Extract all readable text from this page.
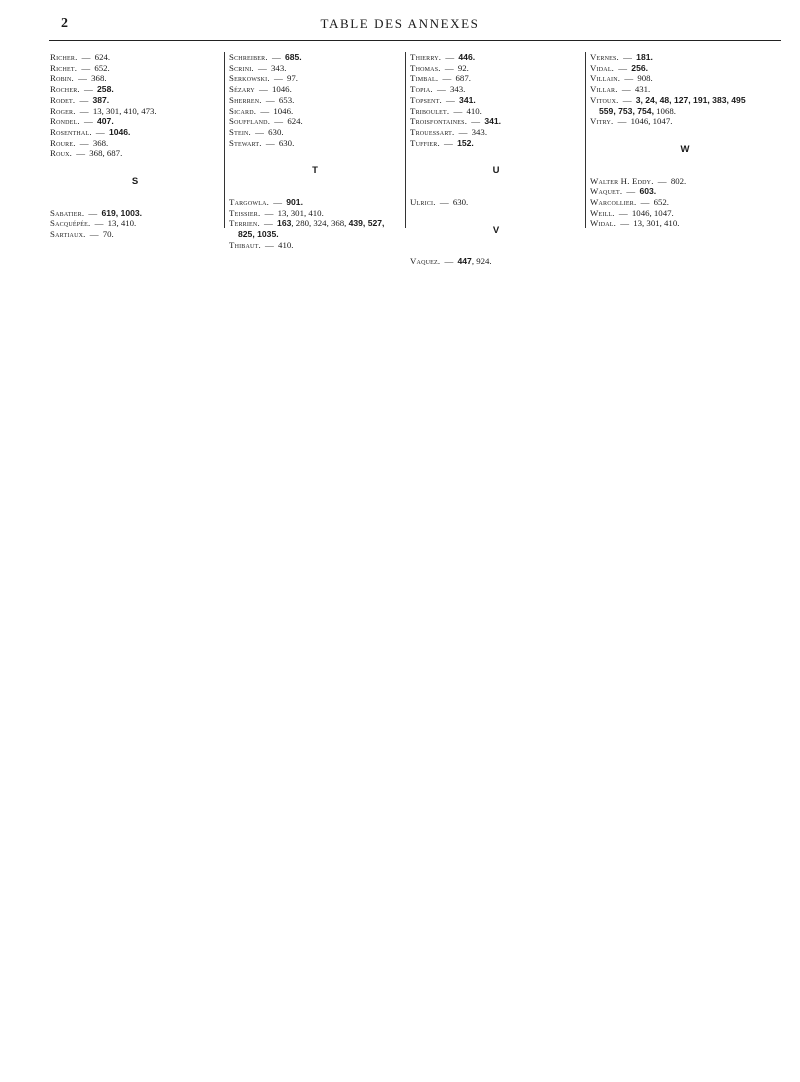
2	TABLE DES ANNEXES
Richer. — 624.
Richet. — 652.
Robin. — 368.
Rocher. — 258.
Rodet. — 387.
Roger. — 13, 301, 410, 473.
Rondel. — 407.
Rosenthal. — 1046.
Roure. — 368.
Roux. — 368, 687.
S
Sabatier. — 619, 1003.
Sacquépée. — 13, 410.
Sartiaux. — 70.
Schreiber. — 685.
Scrini. — 343.
Serkowski. — 97.
Sézary — 1046.
Sherren. — 653.
Sicard. — 1046.
Souffland. — 624.
Stein. — 630.
Stewart. — 630.
T
Targowla. — 901.
Teissier. — 13, 301, 410.
Terrien. — 163, 280, 324, 368, 439, 527,
825, 1035.
Thibaut. — 410.
Thierry. — 446.
Thomas. — 92.
Timbal. — 687.
Topia. — 343.
Topsent. — 341.
Triboulet. — 410.
Troisfontaines. — 341.
Trouessart. — 343.
Tuffier. — 152.
U
Ulrici. — 630.
V
Vaquez. — 447, 924.
Vernes. — 181.
Vidal. — 256.
Villain. — 908.
Villar. — 431.
Vitoux. — 3, 24, 48, 127, 191, 383, 495
559, 753, 754, 1068.
Vitry. — 1046, 1047.
W
Walter H. Eddy. — 802.
Waquet. — 603.
Warcollier. — 652.
Weill. — 1046, 1047.
Widal. — 13, 301, 410.
